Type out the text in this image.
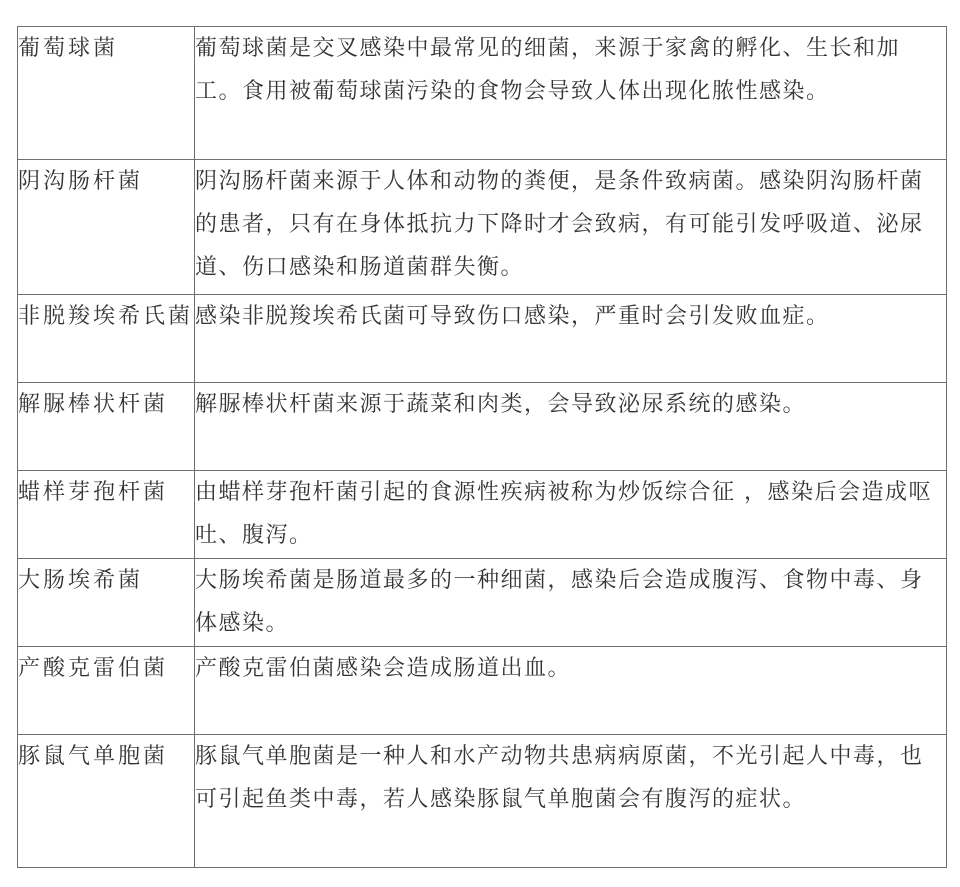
葡萄球菌	葡萄球菌是交叉感染中最常见的细菌，来源于家禽的孵化、生长和加工。食用被葡萄球菌污染的食物会导致人体出现化脓性感染。
阴沟肠杆菌	阴沟肠杆菌来源于人体和动物的粪便，是条件致病菌。感染阴沟肠杆菌的患者，只有在身体抵抗力下降时才会致病，有可能引发呼吸道、泌尿道、伤口感染和肠道菌群失衡。
非脱羧埃希氏菌	感染非脱羧埃希氏菌可导致伤口感染，严重时会引发败血症。
解脲棒状杆菌	解脲棒状杆菌来源于蔬菜和肉类，会导致泌尿系统的感染。
蜡样芽孢杆菌	由蜡样芽孢杆菌引起的食源性疾病被称为炒饭综合征 ，感染后会造成呕吐、腹泻。
大肠埃希菌	大肠埃希菌是肠道最多的一种细菌，感染后会造成腹泻、食物中毒、身体感染。
产酸克雷伯菌	产酸克雷伯菌感染会造成肠道出血。
豚鼠气单胞菌	豚鼠气单胞菌是一种人和水产动物共患病病原菌，不光引起人中毒，也可引起鱼类中毒，若人感染豚鼠气单胞菌会有腹泻的症状。
